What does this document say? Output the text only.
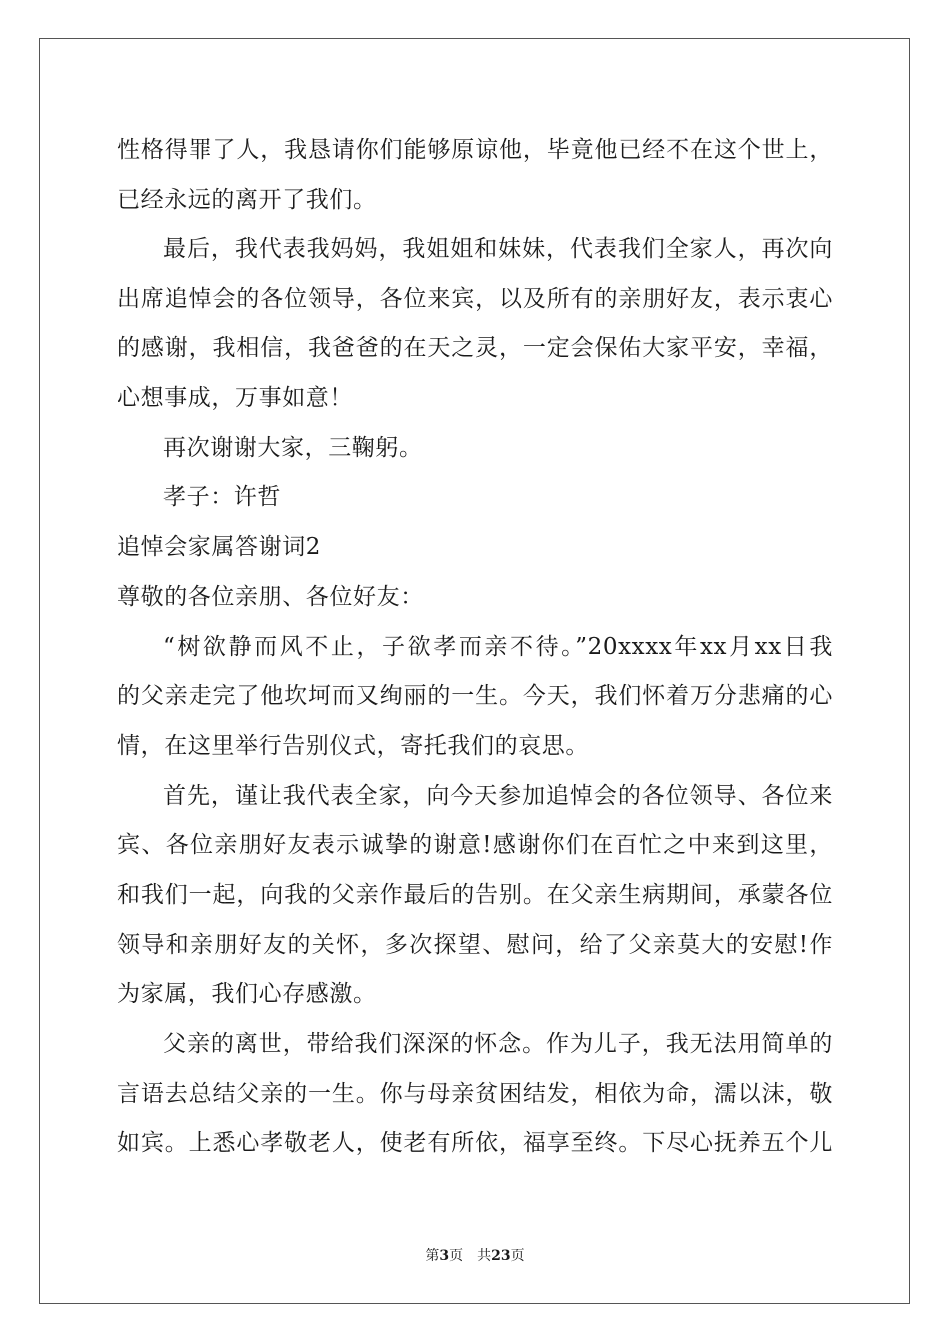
性格得罪了人，我恳请你们能够原谅他，毕竟他已经不在这个世上，
已经永远的离开了我们。
最后，我代表我妈妈，我姐姐和妹妹，代表我们全家人，再次向
出席追悼会的各位领导，各位来宾，以及所有的亲朋好友，表示衷心
的感谢，我相信，我爸爸的在天之灵，一定会保佑大家平安，幸福，
心想事成，万事如意！
再次谢谢大家，三鞠躬。
孝子：许哲
追悼会家属答谢词2
尊敬的各位亲朋、各位好友：
“树欲静而风不止，子欲孝而亲不待。”20xxxx年xx月xx日我
的父亲走完了他坎坷而又绚丽的一生。今天，我们怀着万分悲痛的心
情，在这里举行告别仪式，寄托我们的哀思。
首先，谨让我代表全家，向今天参加追悼会的各位领导、各位来
宾、各位亲朋好友表示诚挚的谢意!感谢你们在百忙之中来到这里，
和我们一起，向我的父亲作最后的告别。在父亲生病期间，承蒙各位
领导和亲朋好友的关怀，多次探望、慰问，给了父亲莫大的安慰!作
为家属，我们心存感激。
父亲的离世，带给我们深深的怀念。作为儿子，我无法用简单的
言语去总结父亲的一生。你与母亲贫困结发，相依为命，濡以沫，敬
如宾。上悉心孝敬老人，使老有所依，福享至终。下尽心抚养五个儿
第3页 共23页
